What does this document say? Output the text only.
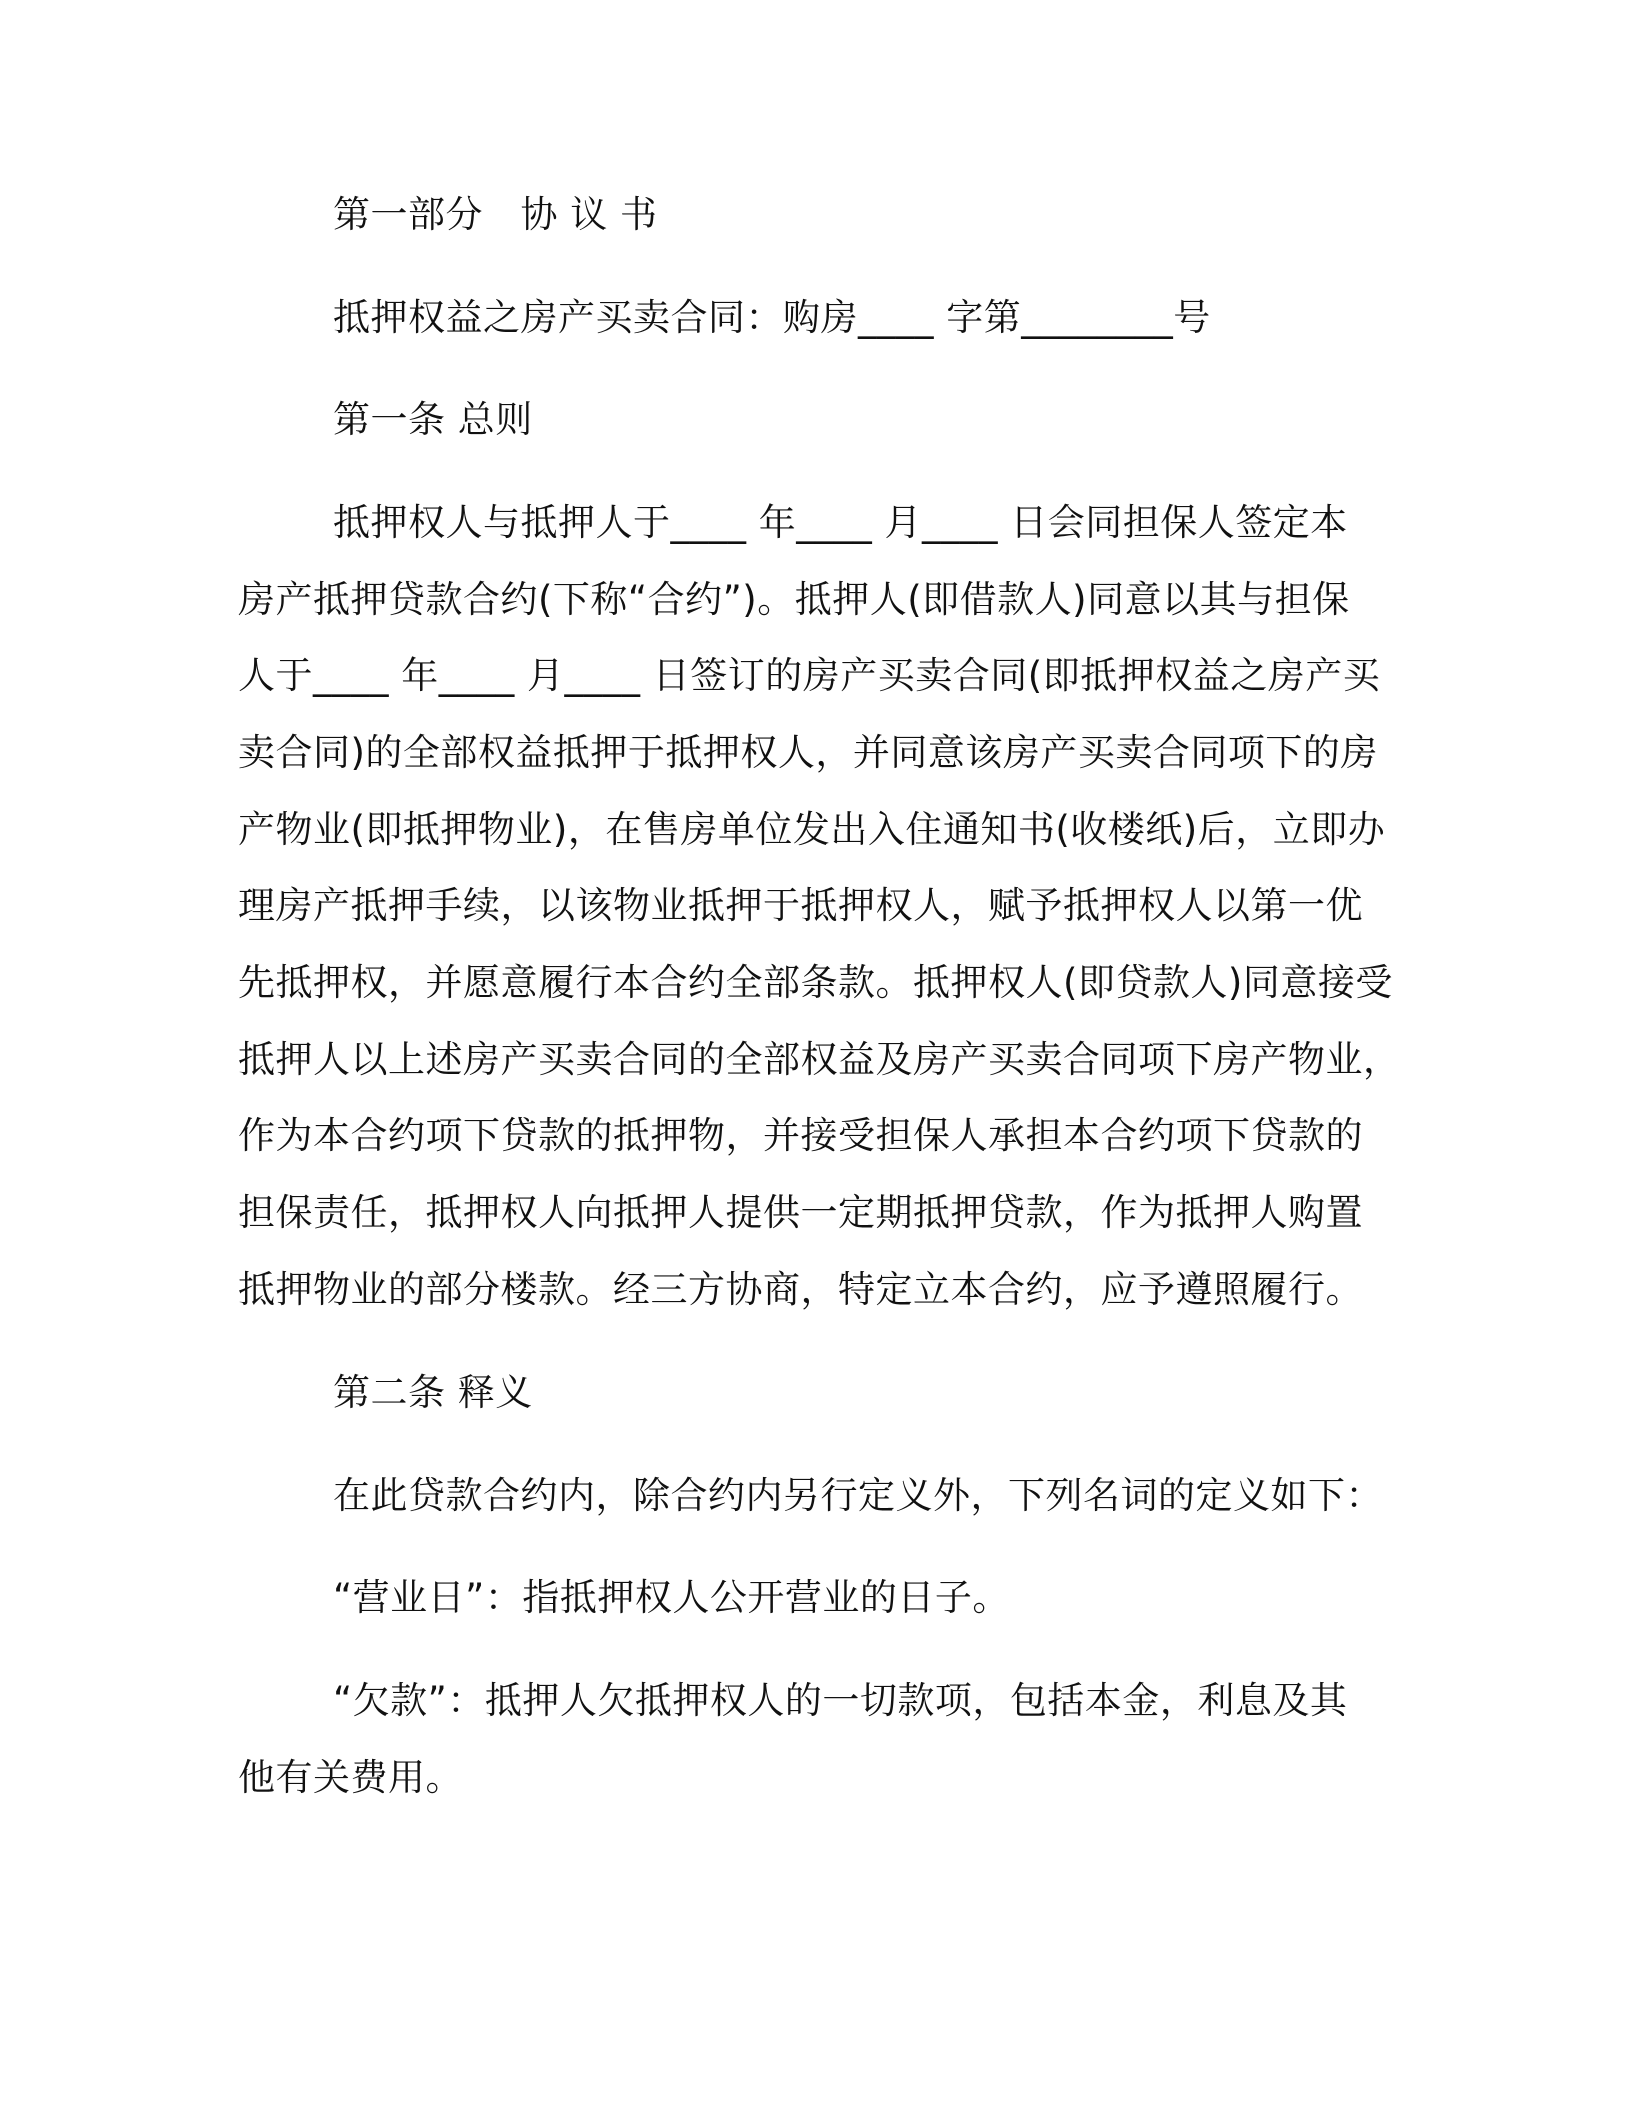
第一部分　协 议 书
抵押权益之房产买卖合同：购房____ 字第________号
第一条 总则
抵押权人与抵押人于____ 年____ 月____ 日会同担保人签定本
房产抵押贷款合约(下称“合约”)。抵押人(即借款人)同意以其与担保
人于____ 年____ 月____ 日签订的房产买卖合同(即抵押权益之房产买
卖合同)的全部权益抵押于抵押权人，并同意该房产买卖合同项下的房
产物业(即抵押物业)，在售房单位发出入住通知书(收楼纸)后，立即办
理房产抵押手续，以该物业抵押于抵押权人，赋予抵押权人以第一优
先抵押权，并愿意履行本合约全部条款。抵押权人(即贷款人)同意接受
抵押人以上述房产买卖合同的全部权益及房产买卖合同项下房产物业，
作为本合约项下贷款的抵押物，并接受担保人承担本合约项下贷款的
担保责任，抵押权人向抵押人提供一定期抵押贷款，作为抵押人购置
抵押物业的部分楼款。经三方协商，特定立本合约，应予遵照履行。
第二条 释义
在此贷款合约内，除合约内另行定义外，下列名词的定义如下：
“营业日”：指抵押权人公开营业的日子。
“欠款”：抵押人欠抵押权人的一切款项，包括本金，利息及其
他有关费用。
